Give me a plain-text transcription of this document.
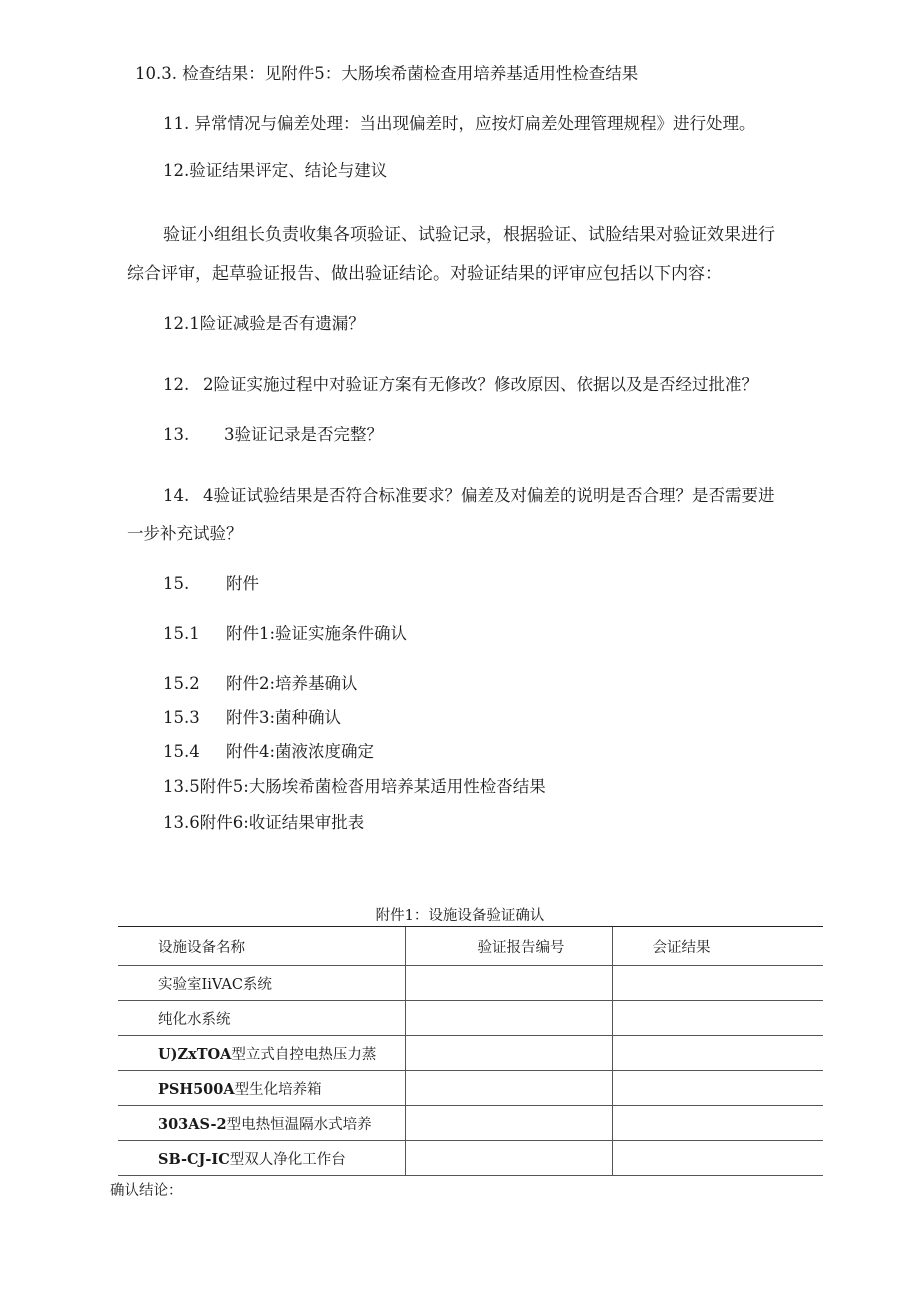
10.3. 检查结果：见附件5：大肠埃希菌检查用培养基适用性检查结果
11. 异常情况与偏差处理：当出现偏差时，应按灯扁差处理管理规程》进行处理。
12.验证结果评定、结论与建议
验证小组组长负责收集各项验证、试验记录，根据验证、试脸结果对验证效果进行
综合评审，起草验证报告、做出验证结论。对验证结果的评审应包括以下内容：
12.1险证减验是否有遗漏？
12. 2险证实施过程中对验证方案有无修改？修改原因、依据以及是否经过批准？
13. 3验证记录是否完整？
14. 4验证试验结果是否符合标准要求？偏差及对偏差的说明是否合理？是否需要进
一步补充试验？
15. 附件
15.1 附件1:验证实施条件确认
15.2 附件2:培养基确认
15.3 附件3:菌种确认
15.4 附件4:菌液浓度确定
13.5附件5:大肠埃希菌检沓用培养某适用性检沓结果
13.6附件6:收证结果审批表
附件1：设施设备验证确认
设施设备名称	验证报告编号	会证结果
实验室IiVAC系统		
纯化水系统		
U)ZxTOA型立式自控电热压力蒸		
PSH500A型生化培养箱		
303AS-2型电热恒温隔水式培养		
SB-CJ-IC型双人净化工作台		
确认结论：
